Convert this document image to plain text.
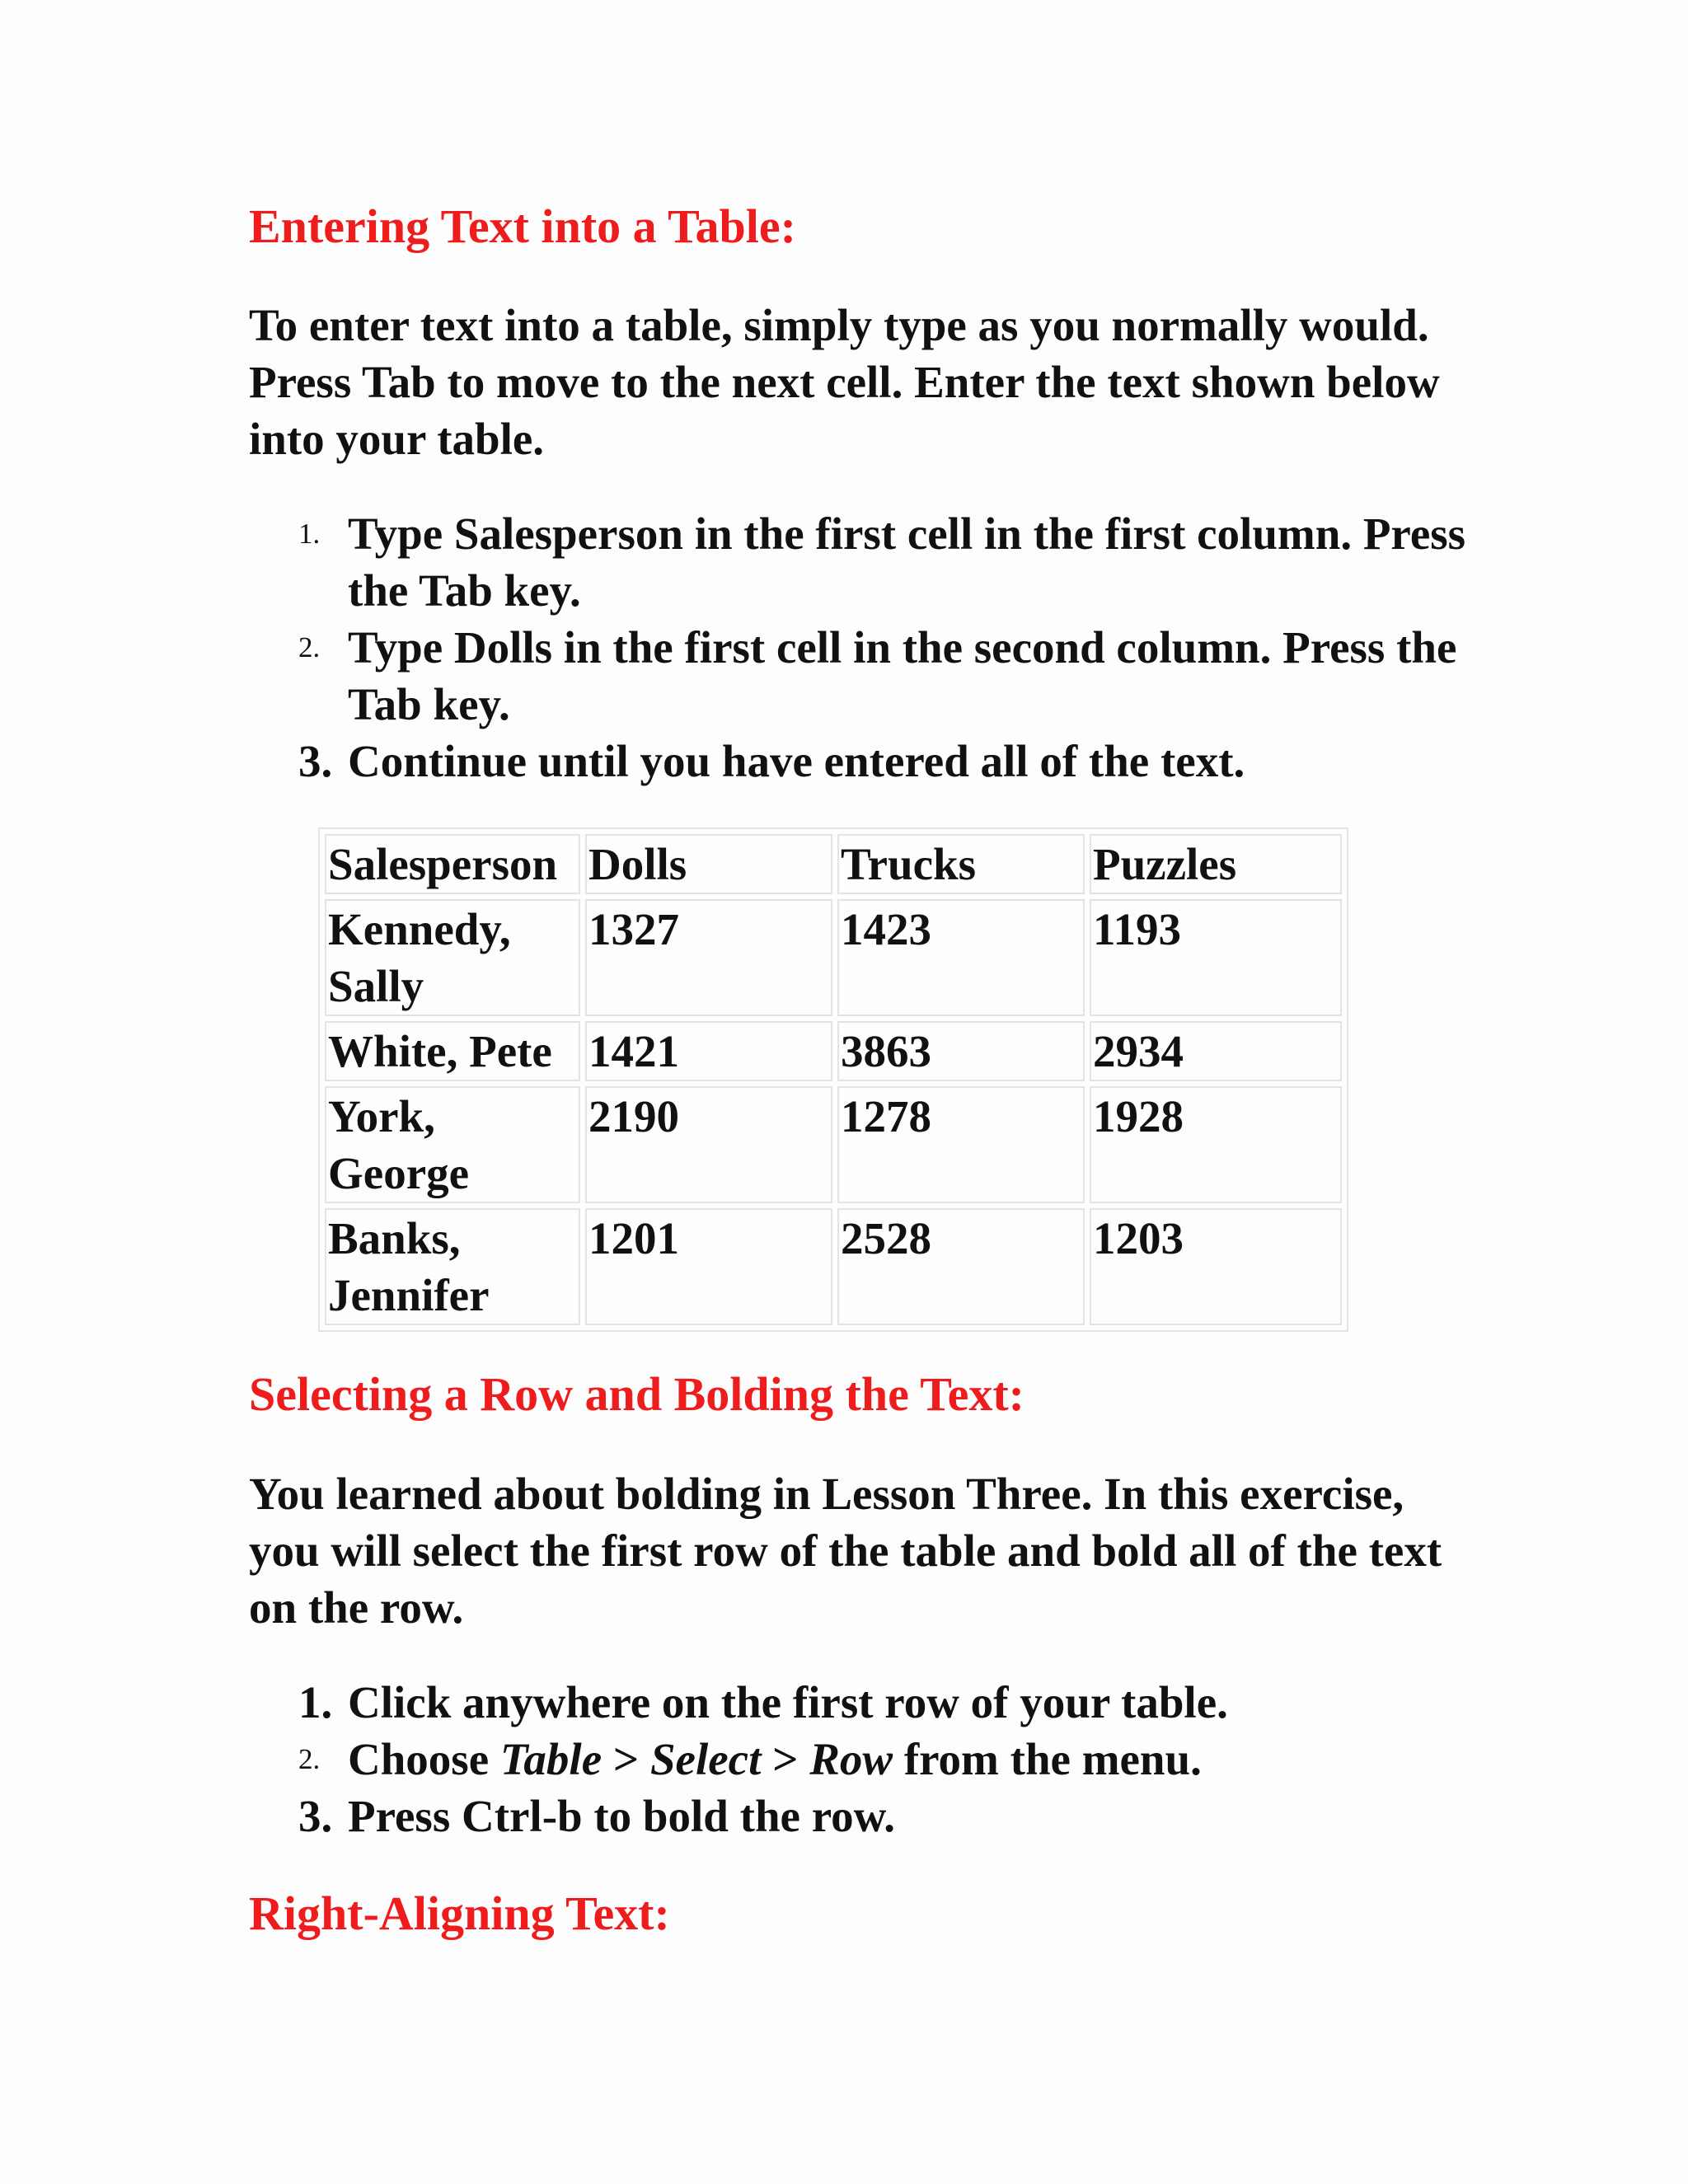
Entering Text into a Table:

To enter text into a table, simply type as you normally would. Press Tab to move to the next cell. Enter the text shown below into your table.

1. Type Salesperson in the first cell in the first column. Press the Tab key.
2. Type Dolls in the first cell in the second column. Press the Tab key.
3. Continue until you have entered all of the text.
Salesperson	Dolls	Trucks	Puzzles
Kennedy, Sally	1327	1423	1193
White, Pete	1421	3863	2934
York, George	2190	1278	1928
Banks, Jennifer	1201	2528	1203
Selecting a Row and Bolding the Text:

You learned about bolding in Lesson Three. In this exercise, you will select the first row of the table and bold all of the text on the row.

1. Click anywhere on the first row of your table.
2. Choose Table > Select > Row from the menu.
3. Press Ctrl-b to bold the row.
Right-Aligning Text:
